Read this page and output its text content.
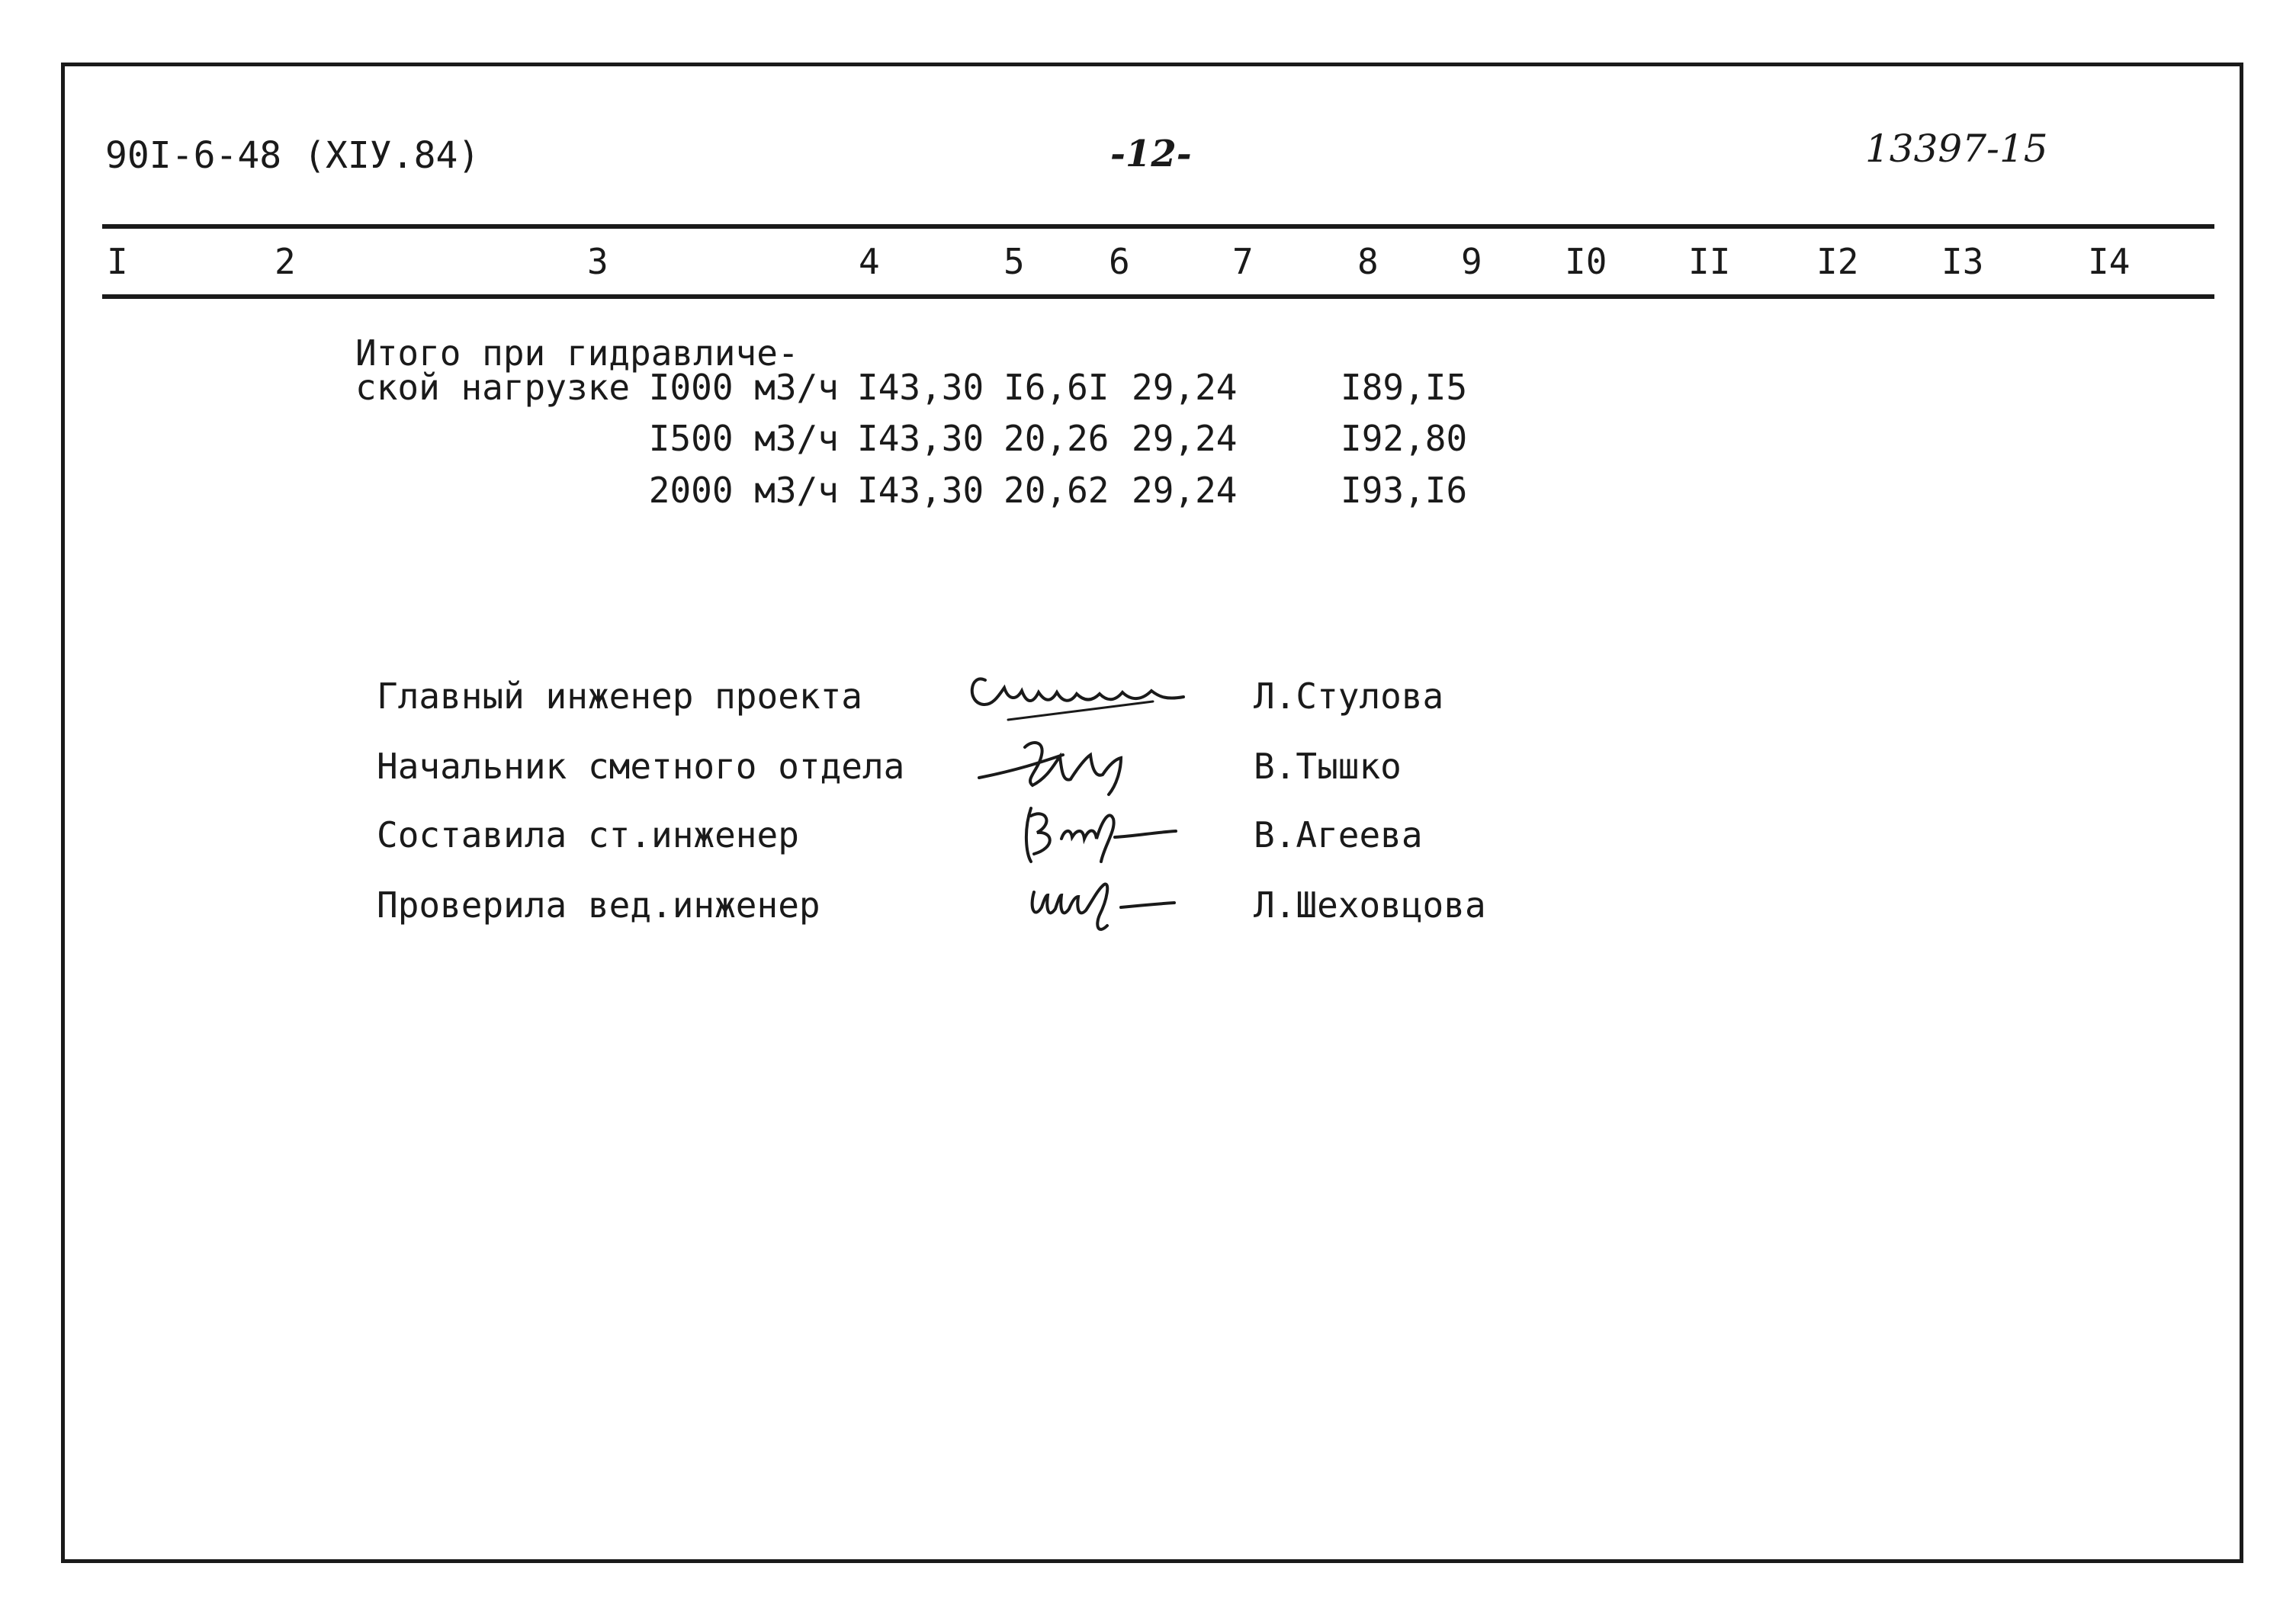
90I-6-48 (XIУ.84)	-12-	13397-15
I	2	3	4	5 6	7	8 9 I0 II I2 I3	I4
Итого при гидравличе-
ской нагрузке I000 м3/ч I43,30 I6,6I 29,24	I89,I5
I500 м3/ч I43,30 20,26 29,24	I92,80
2000 м3/ч I43,30 20,62 29,24	I93,I6
Главный инженер проекта	Л.Стулова
Начальник сметного отдела	В.Тышко
Составила ст.инженер	В.Агеева
Проверила вед.инженер	Л.Шеховцова
